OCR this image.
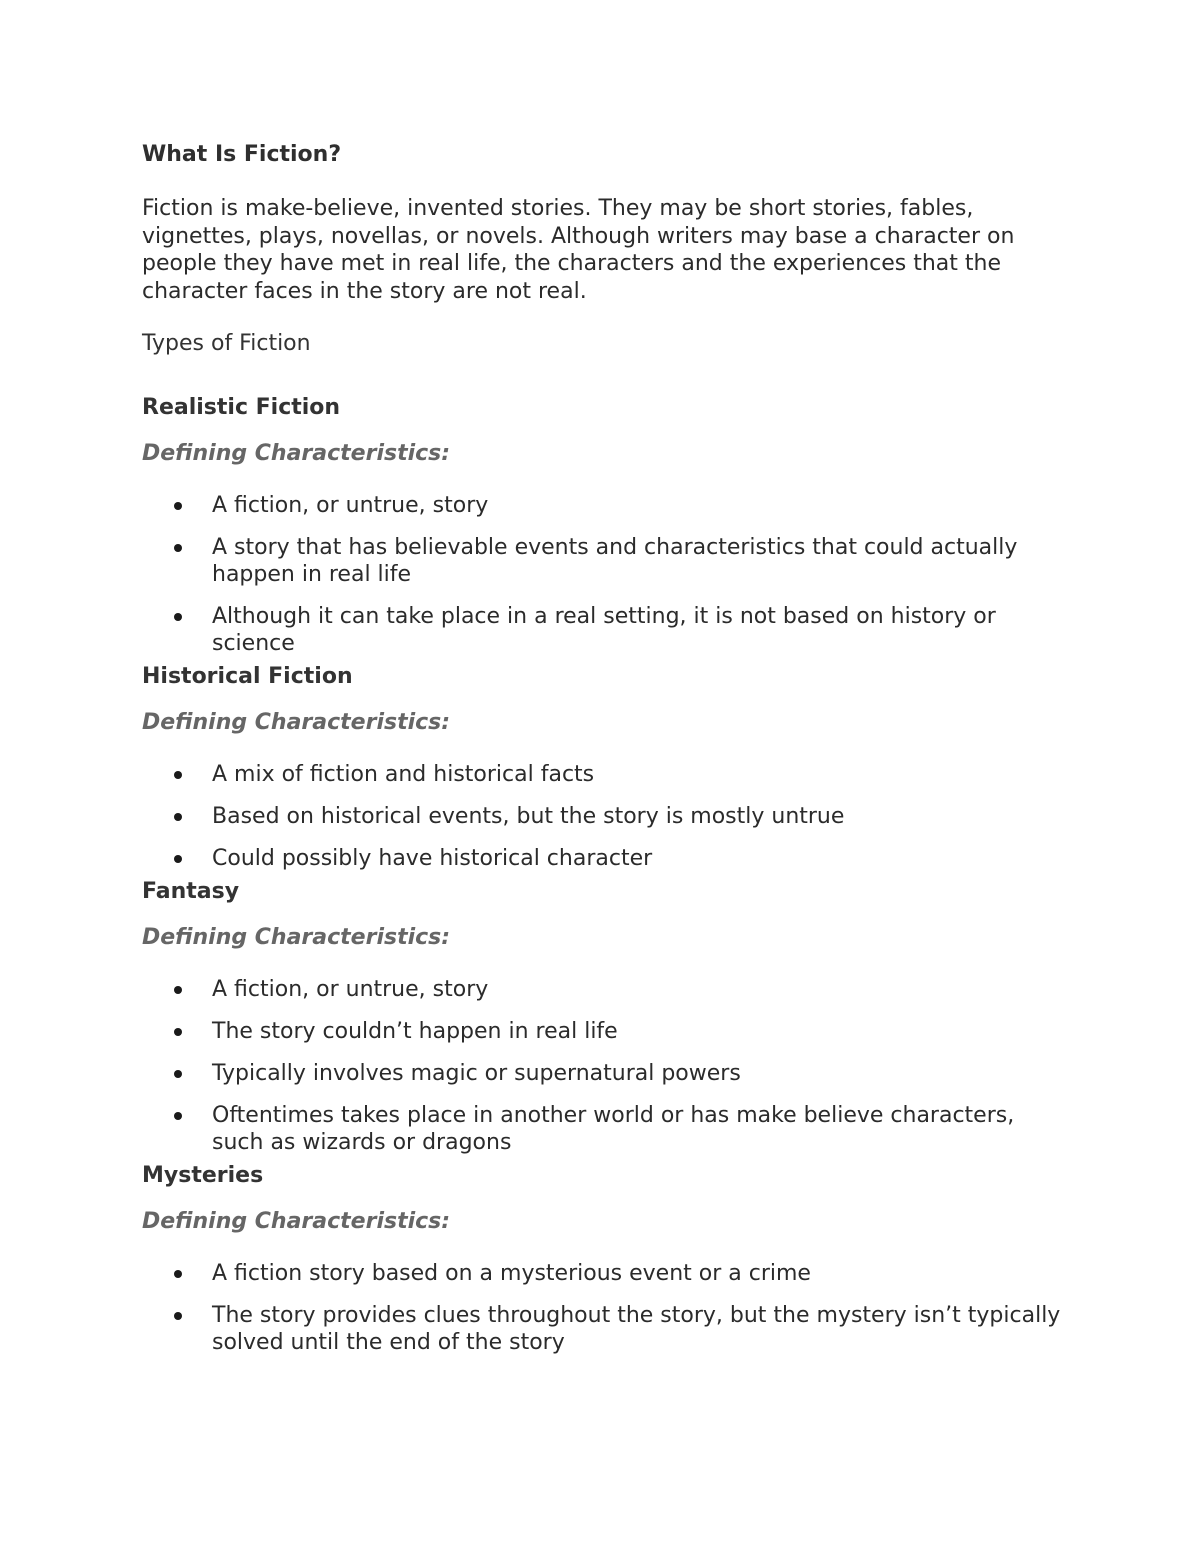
What Is Fiction?
Fiction is make-believe, invented stories. They may be short stories, fables, vignettes, plays, novellas, or novels. Although writers may base a character on people they have met in real life, the characters and the experiences that the character faces in the story are not real.
Types of Fiction
Realistic Fiction
Defining Characteristics:
A fiction, or untrue, story
A story that has believable events and characteristics that could actually happen in real life
Although it can take place in a real setting, it is not based on history or science
Historical Fiction
Defining Characteristics:
A mix of fiction and historical facts
Based on historical events, but the story is mostly untrue
Could possibly have historical character
Fantasy
Defining Characteristics:
A fiction, or untrue, story
The story couldn’t happen in real life
Typically involves magic or supernatural powers
Oftentimes takes place in another world or has make believe characters, such as wizards or dragons
Mysteries
Defining Characteristics:
A fiction story based on a mysterious event or a crime
The story provides clues throughout the story, but the mystery isn’t typically solved until the end of the story
